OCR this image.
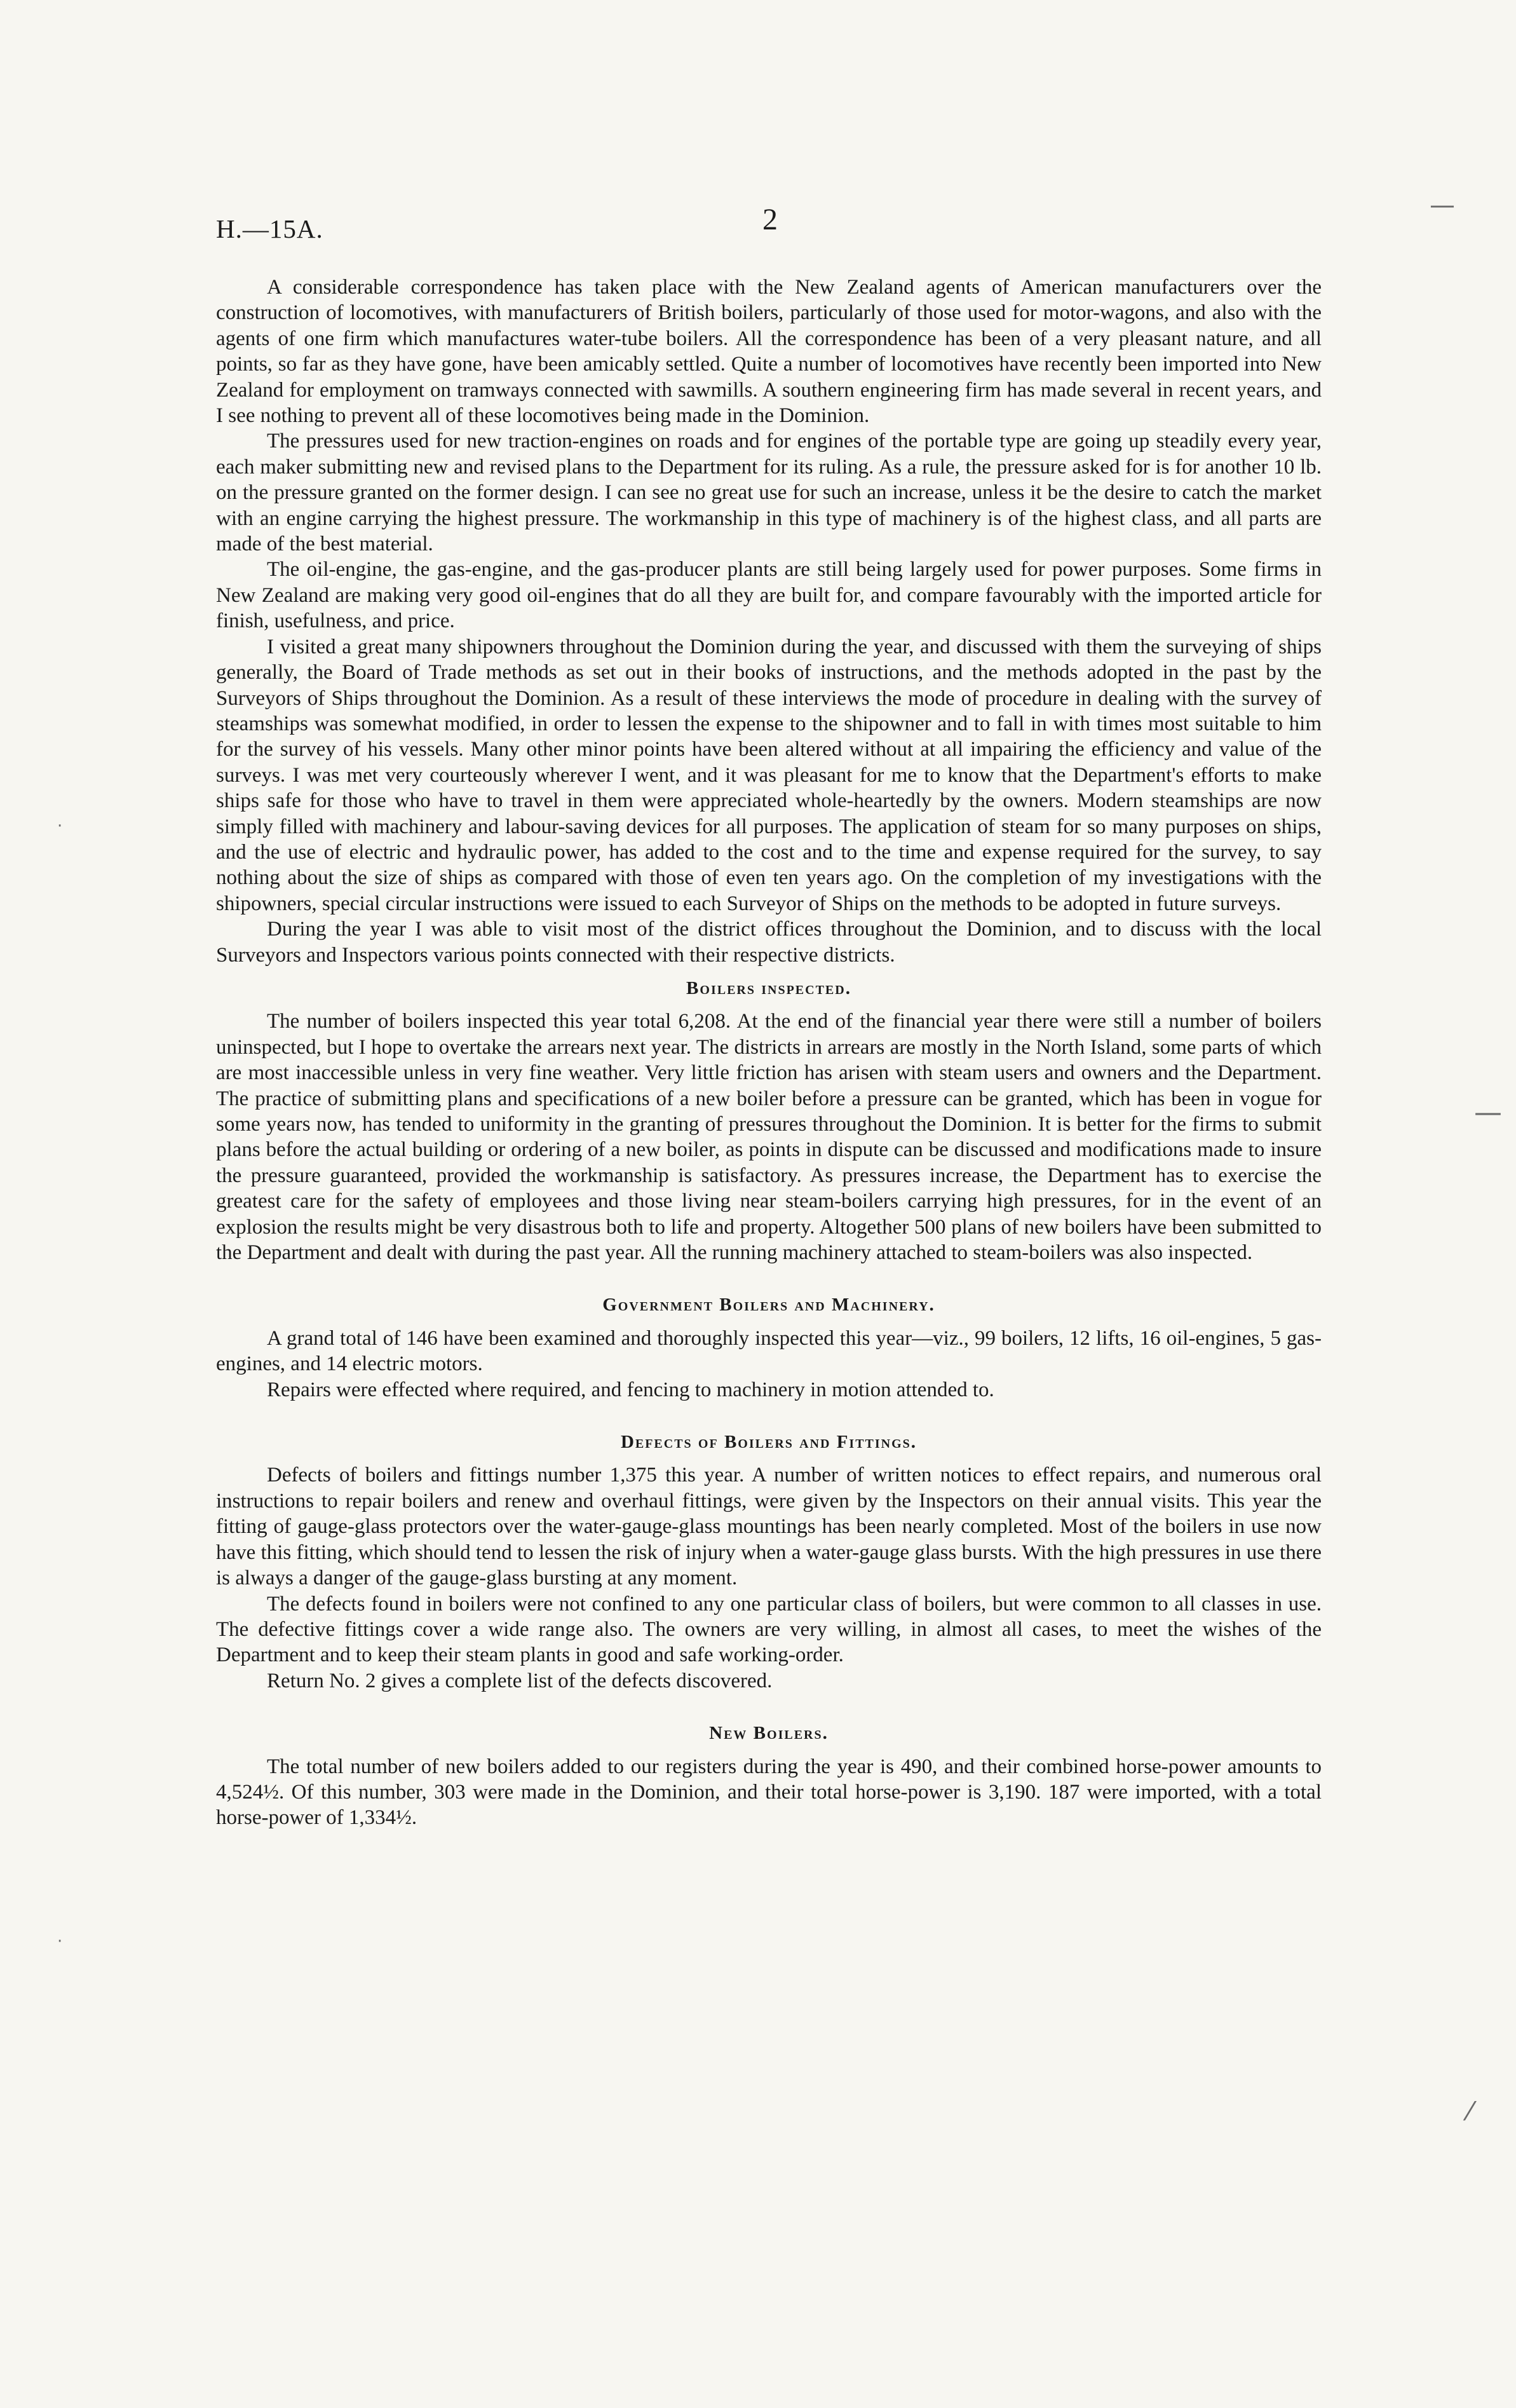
H.—15A.	2

A considerable correspondence has taken place with the New Zealand agents of American manufacturers over the construction of locomotives, with manufacturers of British boilers, particularly of those used for motor-wagons, and also with the agents of one firm which manufactures water-tube boilers. All the correspondence has been of a very pleasant nature, and all points, so far as they have gone, have been amicably settled. Quite a number of locomotives have recently been imported into New Zealand for employment on tramways connected with sawmills. A southern engineering firm has made several in recent years, and I see nothing to prevent all of these locomotives being made in the Dominion.

The pressures used for new traction-engines on roads and for engines of the portable type are going up steadily every year, each maker submitting new and revised plans to the Department for its ruling. As a rule, the pressure asked for is for another 10 lb. on the pressure granted on the former design. I can see no great use for such an increase, unless it be the desire to catch the market with an engine carrying the highest pressure. The workmanship in this type of machinery is of the highest class, and all parts are made of the best material.

The oil-engine, the gas-engine, and the gas-producer plants are still being largely used for power purposes. Some firms in New Zealand are making very good oil-engines that do all they are built for, and compare favourably with the imported article for finish, usefulness, and price.

I visited a great many shipowners throughout the Dominion during the year, and discussed with them the surveying of ships generally, the Board of Trade methods as set out in their books of instructions, and the methods adopted in the past by the Surveyors of Ships throughout the Dominion. As a result of these interviews the mode of procedure in dealing with the survey of steamships was somewhat modified, in order to lessen the expense to the shipowner and to fall in with times most suitable to him for the survey of his vessels. Many other minor points have been altered without at all impairing the efficiency and value of the surveys. I was met very courteously wherever I went, and it was pleasant for me to know that the Department's efforts to make ships safe for those who have to travel in them were appreciated whole-heartedly by the owners. Modern steamships are now simply filled with machinery and labour-saving devices for all purposes. The application of steam for so many purposes on ships, and the use of electric and hydraulic power, has added to the cost and to the time and expense required for the survey, to say nothing about the size of ships as compared with those of even ten years ago. On the completion of my investigations with the shipowners, special circular instructions were issued to each Surveyor of Ships on the methods to be adopted in future surveys.

During the year I was able to visit most of the district offices throughout the Dominion, and to discuss with the local Surveyors and Inspectors various points connected with their respective districts.

Boilers inspected.

The number of boilers inspected this year total 6,208. At the end of the financial year there were still a number of boilers uninspected, but I hope to overtake the arrears next year. The districts in arrears are mostly in the North Island, some parts of which are most inaccessible unless in very fine weather. Very little friction has arisen with steam users and owners and the Department. The practice of submitting plans and specifications of a new boiler before a pressure can be granted, which has been in vogue for some years now, has tended to uniformity in the granting of pressures throughout the Dominion. It is better for the firms to submit plans before the actual building or ordering of a new boiler, as points in dispute can be discussed and modifications made to insure the pressure guaranteed, provided the workmanship is satisfactory. As pressures increase, the Department has to exercise the greatest care for the safety of employees and those living near steam-boilers carrying high pressures, for in the event of an explosion the results might be very disastrous both to life and property. Altogether 500 plans of new boilers have been submitted to the Department and dealt with during the past year. All the running machinery attached to steam-boilers was also inspected.

Government Boilers and Machinery.

A grand total of 146 have been examined and thoroughly inspected this year—viz., 99 boilers, 12 lifts, 16 oil-engines, 5 gas-engines, and 14 electric motors.

Repairs were effected where required, and fencing to machinery in motion attended to.

Defects of Boilers and Fittings.

Defects of boilers and fittings number 1,375 this year. A number of written notices to effect repairs, and numerous oral instructions to repair boilers and renew and overhaul fittings, were given by the Inspectors on their annual visits. This year the fitting of gauge-glass protectors over the water-gauge-glass mountings has been nearly completed. Most of the boilers in use now have this fitting, which should tend to lessen the risk of injury when a water-gauge glass bursts. With the high pressures in use there is always a danger of the gauge-glass bursting at any moment.

The defects found in boilers were not confined to any one particular class of boilers, but were common to all classes in use. The defective fittings cover a wide range also. The owners are very willing, in almost all cases, to meet the wishes of the Department and to keep their steam plants in good and safe working-order.

Return No. 2 gives a complete list of the defects discovered.

New Boilers.

The total number of new boilers added to our registers during the year is 490, and their combined horse-power amounts to 4,524½. Of this number, 303 were made in the Dominion, and their total horse-power is 3,190. 187 were imported, with a total horse-power of 1,334½.

—
—
⁄
·
·
